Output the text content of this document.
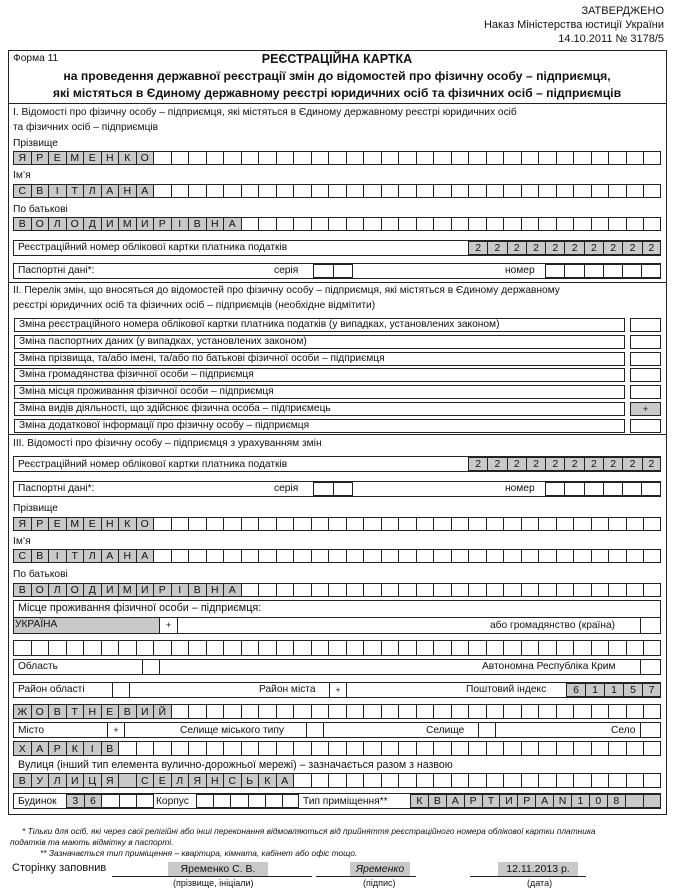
ЗАТВЕРДЖЕНО
Наказ Міністерства юстиції України
14.10.2011 № 3178/5
Форма 11	РЕЄСТРАЦІЙНА КАРТКА
на проведення державної реєстрації змін до відомостей про фізичну особу – підприємця,
які містяться в Єдиному державному реєстрі юридичних осіб та фізичних осіб – підприємців
І. Відомості про фізичну особу – підприємця, які містяться в Єдиному державному реєстрі юридичних осіб
та фізичних осіб – підприємців
Прізвище
Я Р Е М Е Н	К О
Ім’я
С В	І	Т	Л	А Н А
По батькові
В О Л О Д И М И Р	І	В Н А
Реєстраційний номер облікової картки платника податків	2	2	2	2	2	2	2	2	2	2
Паспортні дані*:	серія	номер
ІІ. Перелік змін, що вносяться до відомостей про фізичну особу – підприємця, які містяться в Єдиному державному
реєстрі юридичних осіб та фізичних осіб – підприємців (необхідне відмітити)
Зміна реєстраційного номера облікової картки платника податків (у випадках, установлених законом)
Зміна паспортних даних (у випадках, установлених законом)
Зміна прізвища, та/або імені, та/або по батькові фізичної особи – підприємця
Зміна громадянства фізичної особи – підприємця
Зміна місця проживання фізичної особи – підприємця
Зміна видів діяльності, що здійснює фізична особа – підприємець	+
Зміна додаткової інформації про фізичну особу – підприємця
ІІІ. Відомості про фізичну особу – підприємця з урахуванням змін
Реєстраційний номер облікової картки платника податків	2	2	2	2	2	2	2	2	2	2
Паспортні дані*:	серія	номер
Прізвище
Я Р Е М Е Н	К О
Ім’я
С В	І	Т	Л	А Н А
По батькові
В О Л О Д И М И Р	І	В Н А
Місце проживання фізичної особи – підприємця:
УКРАЇНА	+	або громадянство (країна)
Область	Автономна Республіка Крим
Район області	Район міста	+	Поштовий індекс	6	1	1	5	7
Ж О В	Т	Н Е В И Й
Місто	+	Селище міського типу	Селище	Село
Х А Р	К	І	В
Вулиця (інший тип елемента вулично-дорожньої мережі) – зазначається разом з назвою
В	У	Л И Ц Я	С Е	Л Я Н С Ь	К	А
Будинок	3	6	Корпус	Тип приміщення**	К	В	А	Р	Т	И	Р	А	N	1	0	8
* Тільки для осіб, які через свої релігійні або інші переконання відмовляються від прийняття реєстраційного номера облікової картки платника
податків та мають відмітку в паспорті.
** Зазначається тип приміщення – квартира, кімната, кабінет або офіс тощо.
Сторінку заповнив	Яременко С. В.
(прізвище, ініціали)
Яременко
(підпис)
12.11.2013 р.
(дата)
